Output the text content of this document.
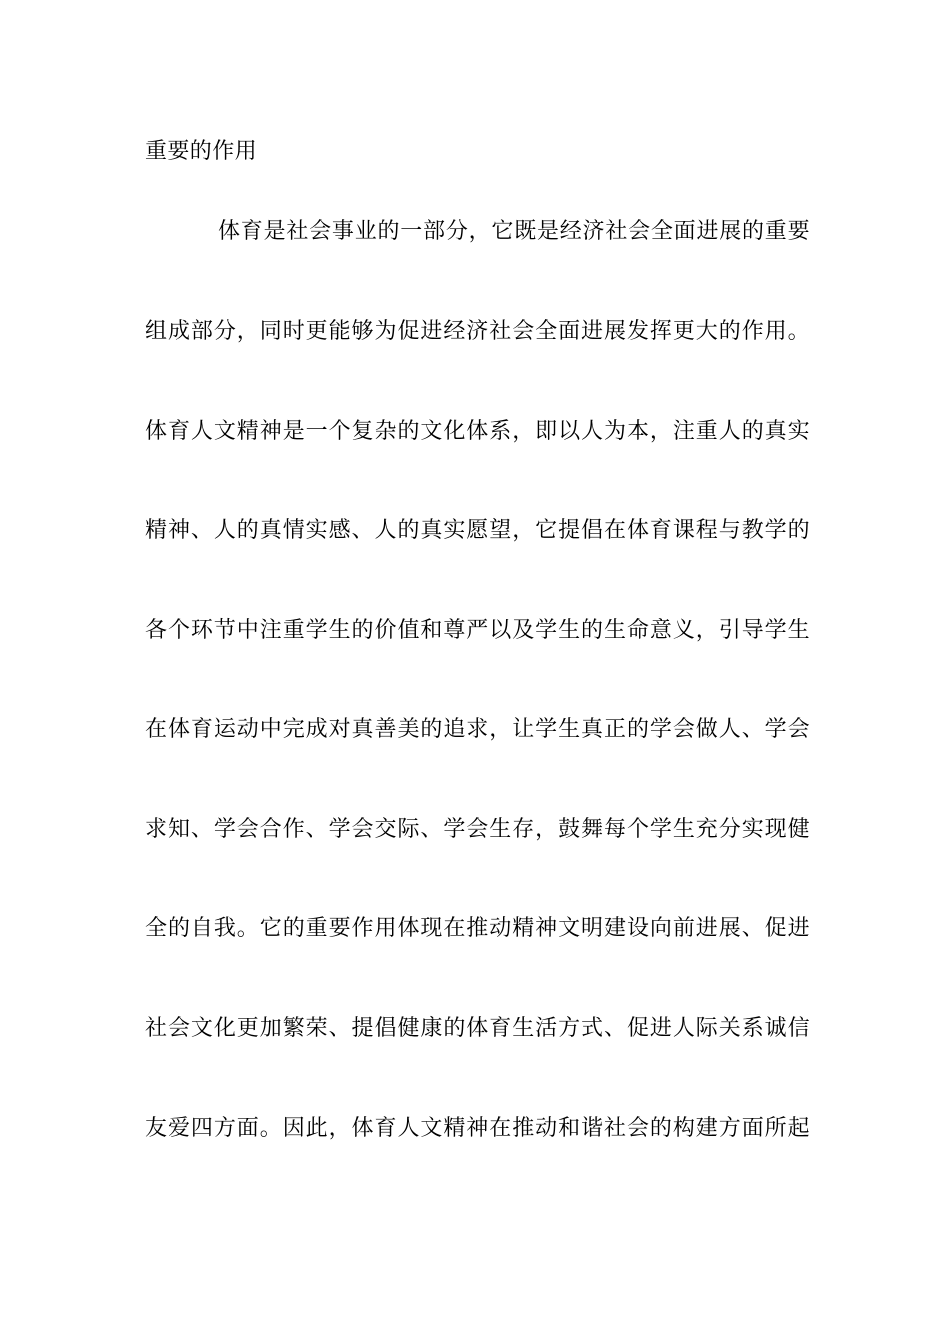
重要的作用
体育是社会事业的一部分，它既是经济社会全面进展的重要
组成部分，同时更能够为促进经济社会全面进展发挥更大的作用。
体育人文精神是一个复杂的文化体系，即以人为本，注重人的真实
精神、人的真情实感、人的真实愿望，它提倡在体育课程与教学的
各个环节中注重学生的价值和尊严以及学生的生命意义，引导学生
在体育运动中完成对真善美的追求，让学生真正的学会做人、学会
求知、学会合作、学会交际、学会生存，鼓舞每个学生充分实现健
全的自我。它的重要作用体现在推动精神文明建设向前进展、促进
社会文化更加繁荣、提倡健康的体育生活方式、促进人际关系诚信
友爱四方面。因此，体育人文精神在推动和谐社会的构建方面所起
